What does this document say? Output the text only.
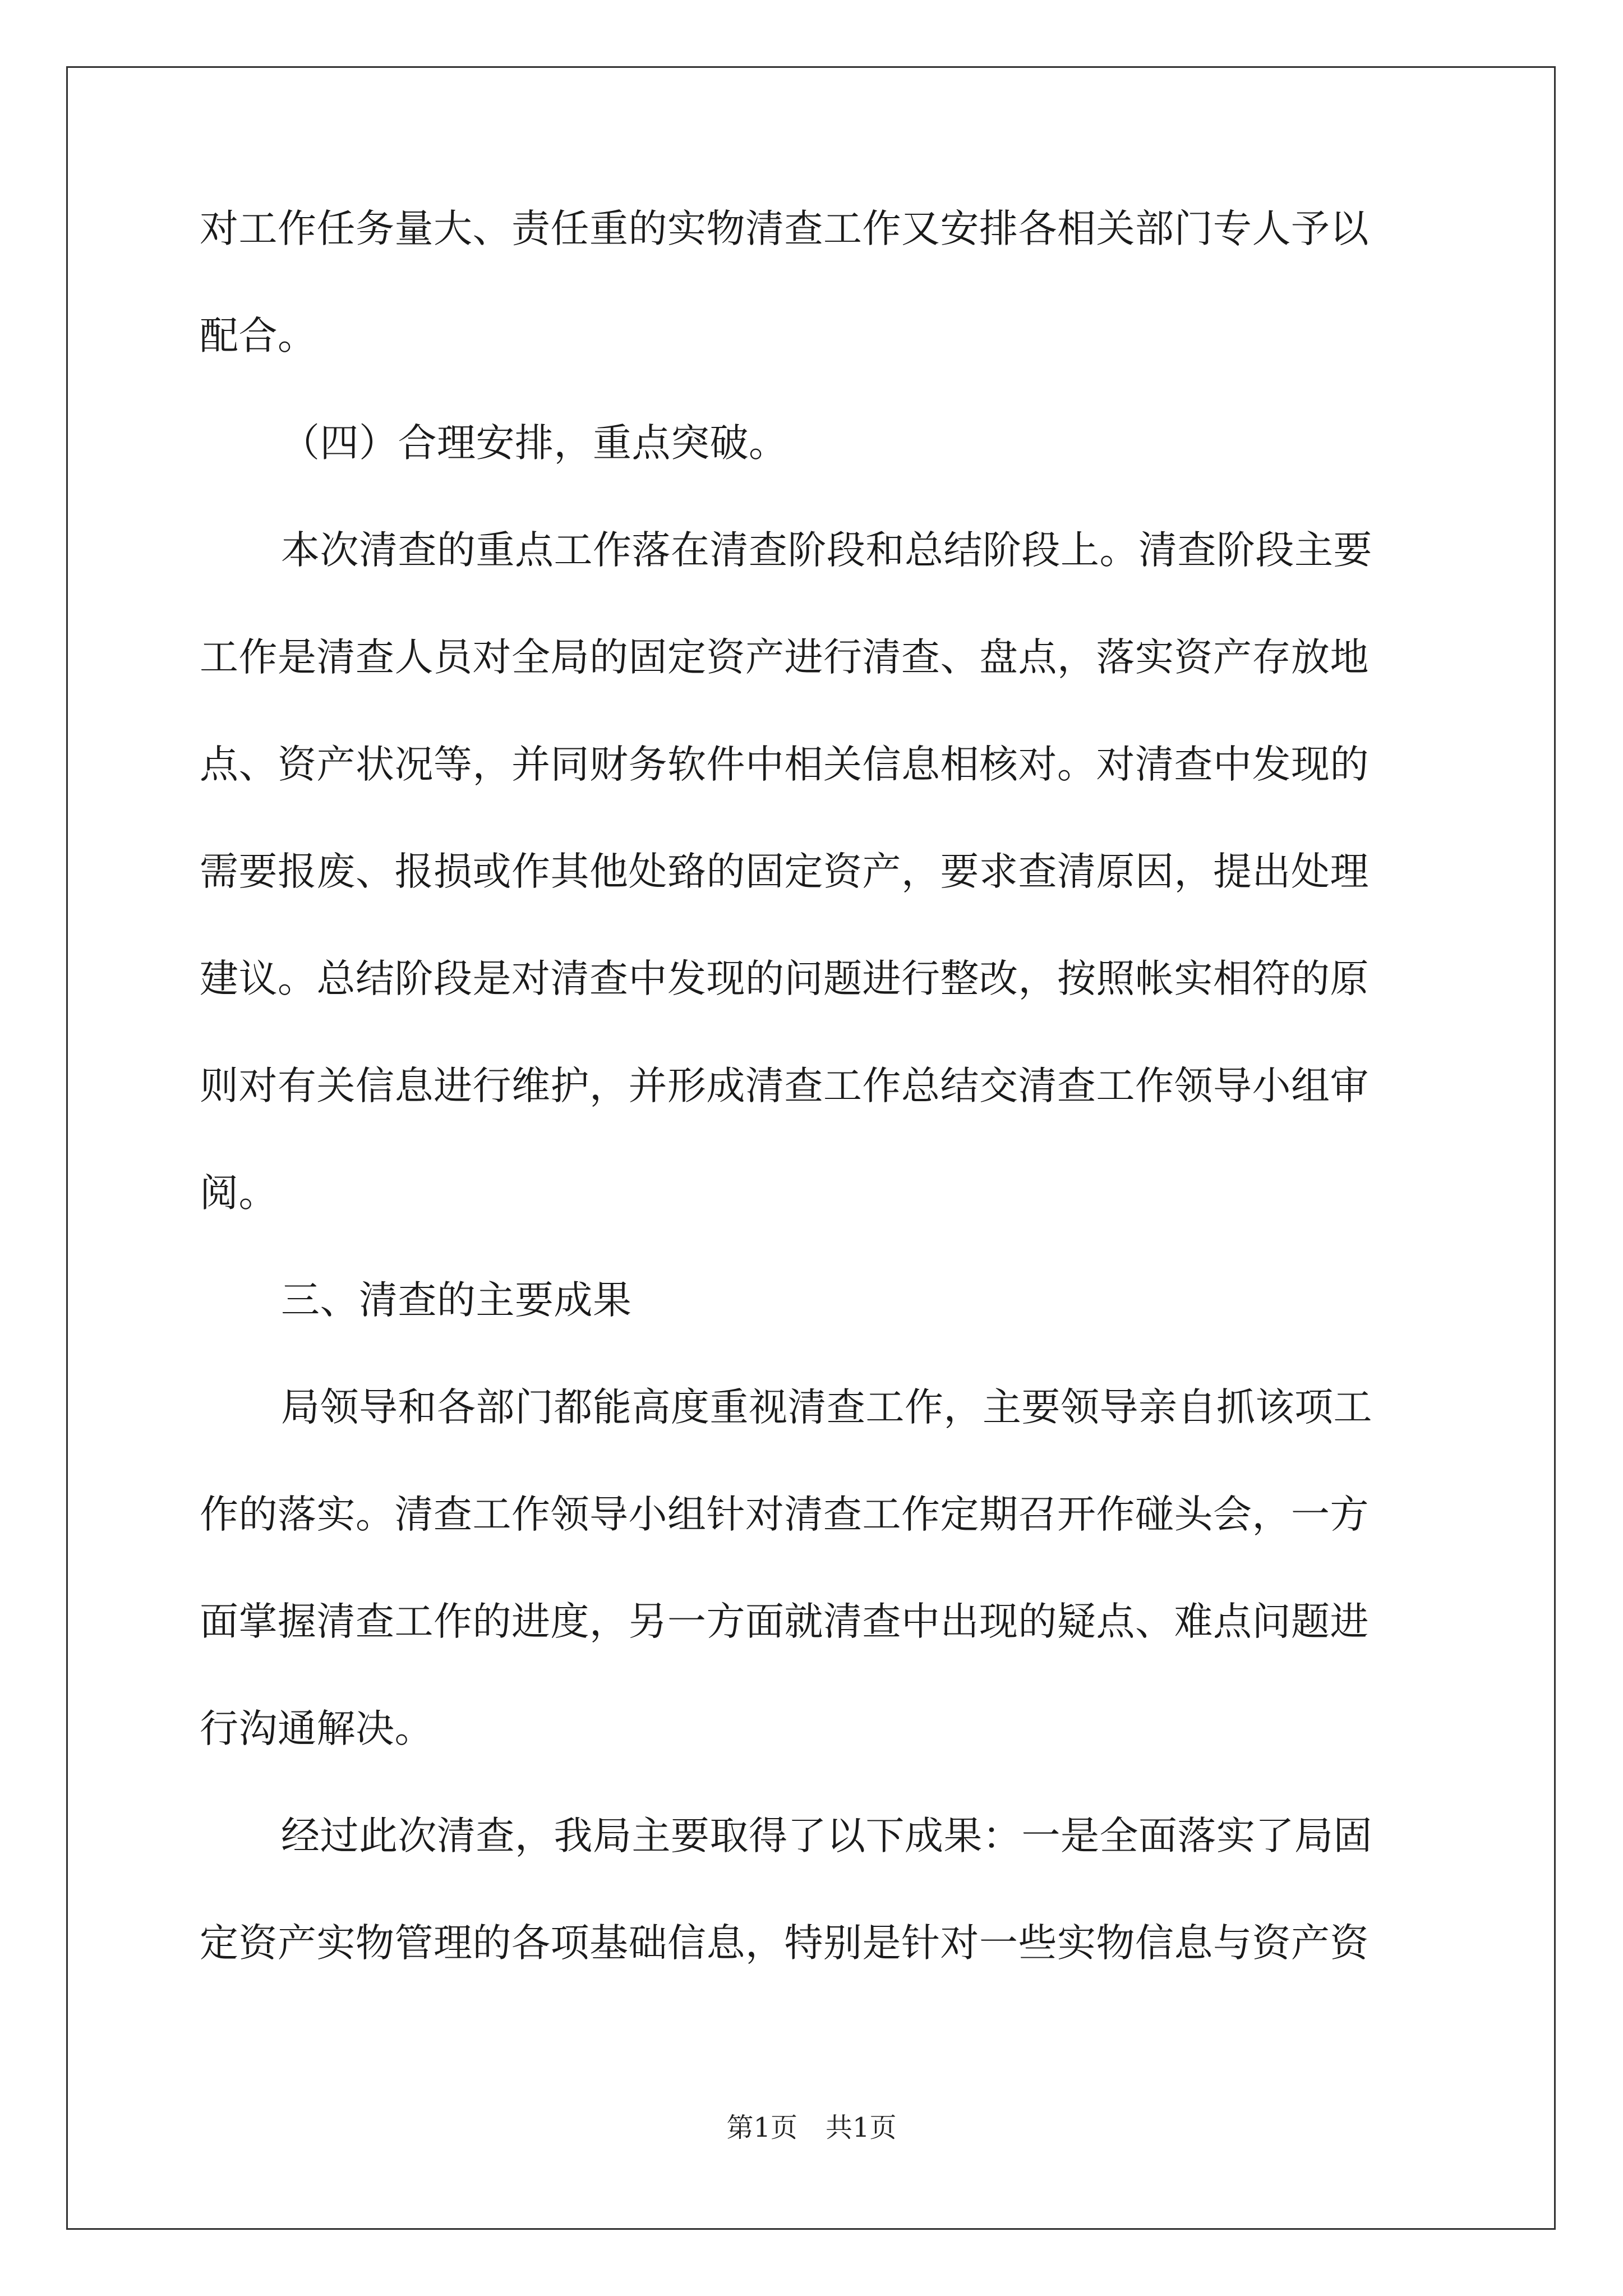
对工作任务量大、责任重的实物清查工作又安排各相关部门专人予以
配合。
（四）合理安排，重点突破。
本次清查的重点工作落在清查阶段和总结阶段上。清查阶段主要
工作是清查人员对全局的固定资产进行清查、盘点，落实资产存放地
点、资产状况等，并同财务软件中相关信息相核对。对清查中发现的
需要报废、报损或作其他处臵的固定资产，要求查清原因，提出处理
建议。总结阶段是对清查中发现的问题进行整改，按照帐实相符的原
则对有关信息进行维护，并形成清查工作总结交清查工作领导小组审
阅。
三、清查的主要成果
局领导和各部门都能高度重视清查工作，主要领导亲自抓该项工
作的落实。清查工作领导小组针对清查工作定期召开作碰头会，一方
面掌握清查工作的进度，另一方面就清查中出现的疑点、难点问题进
行沟通解决。
经过此次清查，我局主要取得了以下成果：一是全面落实了局固
定资产实物管理的各项基础信息，特别是针对一些实物信息与资产资
第1页 共1页
